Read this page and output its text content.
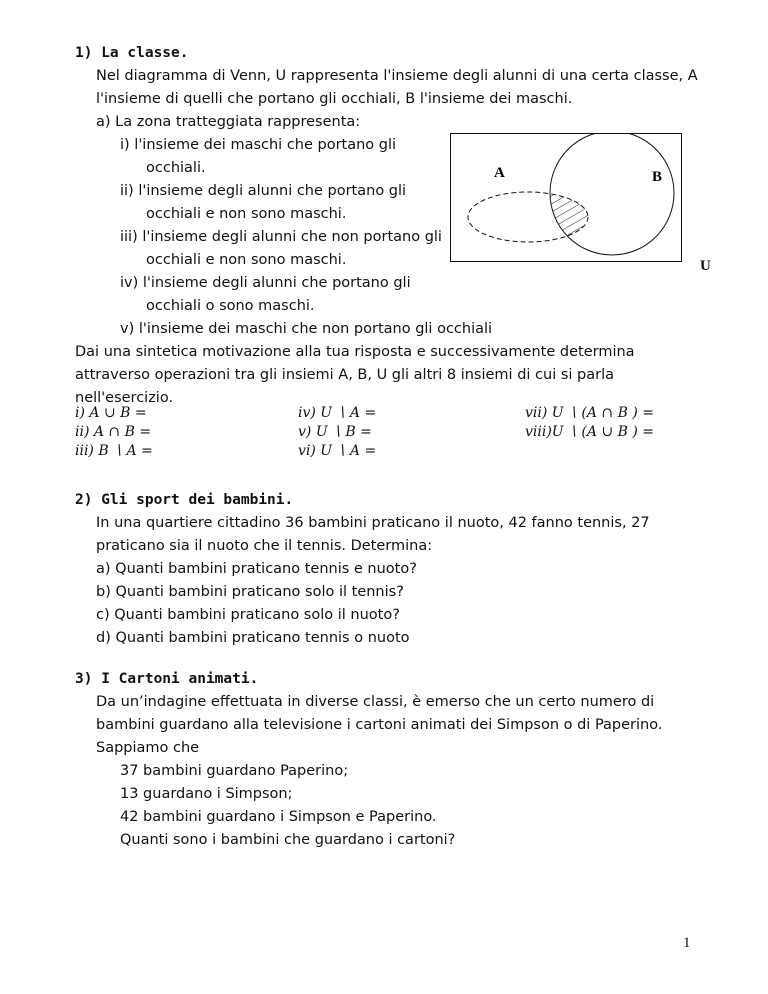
1) La classe.
Nel diagramma di Venn, U rappresenta l'insieme degli alunni di una certa classe, A
l'insieme di quelli che portano gli occhiali, B l'insieme dei maschi.
a) La zona tratteggiata rappresenta:
i) l'insieme dei maschi che portano gli
occhiali.
ii) l'insieme degli alunni che portano gli
occhiali e non sono maschi.
iii) l'insieme degli alunni che non portano gli
occhiali e non sono maschi.
iv) l'insieme degli alunni che portano gli
occhiali o sono maschi.
v) l'insieme dei maschi che non portano gli occhiali
Dai una sintetica motivazione alla tua risposta e successivamente determina
attraverso operazioni tra gli insiemi A, B, U gli altri 8 insiemi di cui si parla
nell'esercizio.
i) A ∪ B =
ii) A ∩ B =
iii) B ∖ A =
iv) U ∖ A =
v) U ∖ B =
vi) U ∖ A =
vii) U ∖ (A ∩ B ) =
viii)U ∖ (A ∪ B ) =
A	B
U
2) Gli sport dei bambini.
In una quartiere cittadino 36 bambini praticano il nuoto, 42 fanno tennis, 27
praticano sia il nuoto che il tennis. Determina:
a) Quanti bambini praticano tennis e nuoto?
b) Quanti bambini praticano solo il tennis?
c) Quanti bambini praticano solo il nuoto?
d) Quanti bambini praticano tennis o nuoto
3) I Cartoni animati.
Da un’indagine effettuata in diverse classi, è emerso che un certo numero di
bambini guardano alla televisione i cartoni animati dei Simpson o di Paperino.
Sappiamo che
37 bambini guardano Paperino;
13 guardano i Simpson;
42 bambini guardano i Simpson e Paperino.
Quanti sono i bambini che guardano i cartoni?
1
